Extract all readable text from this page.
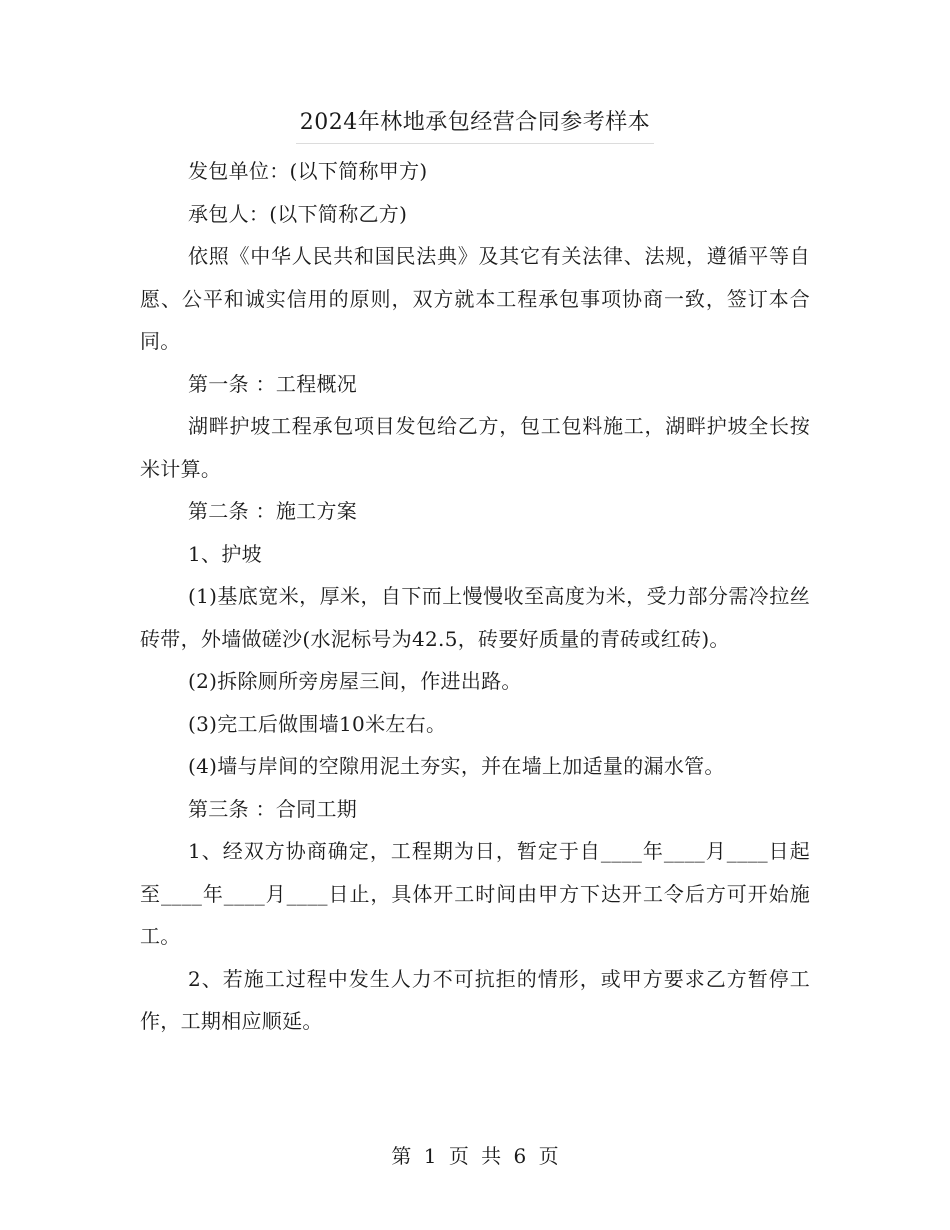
2024年林地承包经营合同参考样本

发包单位：(以下简称甲方)

承包人：(以下简称乙方)

依照《中华人民共和国民法典》及其它有关法律、法规，遵循平等自愿、公平和诚实信用的原则，双方就本工程承包事项协商一致，签订本合同。

第一条 ：工程概况

湖畔护坡工程承包项目发包给乙方，包工包料施工，湖畔护坡全长按米计算。

第二条 ：施工方案

1、护坡

(1)基底宽米，厚米，自下而上慢慢收至高度为米，受力部分需冷拉丝砖带，外墙做磋沙(水泥标号为42.5，砖要好质量的青砖或红砖)。

(2)拆除厕所旁房屋三间，作进出路。

(3)完工后做围墙10米左右。

(4)墙与岸间的空隙用泥土夯实，并在墙上加适量的漏水管。

第三条 ：合同工期

1、经双方协商确定，工程期为日，暂定于自____年____月____日起至____年____月____日止，具体开工时间由甲方下达开工令后方可开始施工。

2、若施工过程中发生人力不可抗拒的情形，或甲方要求乙方暂停工作，工期相应顺延。

第 1 页 共 6 页
